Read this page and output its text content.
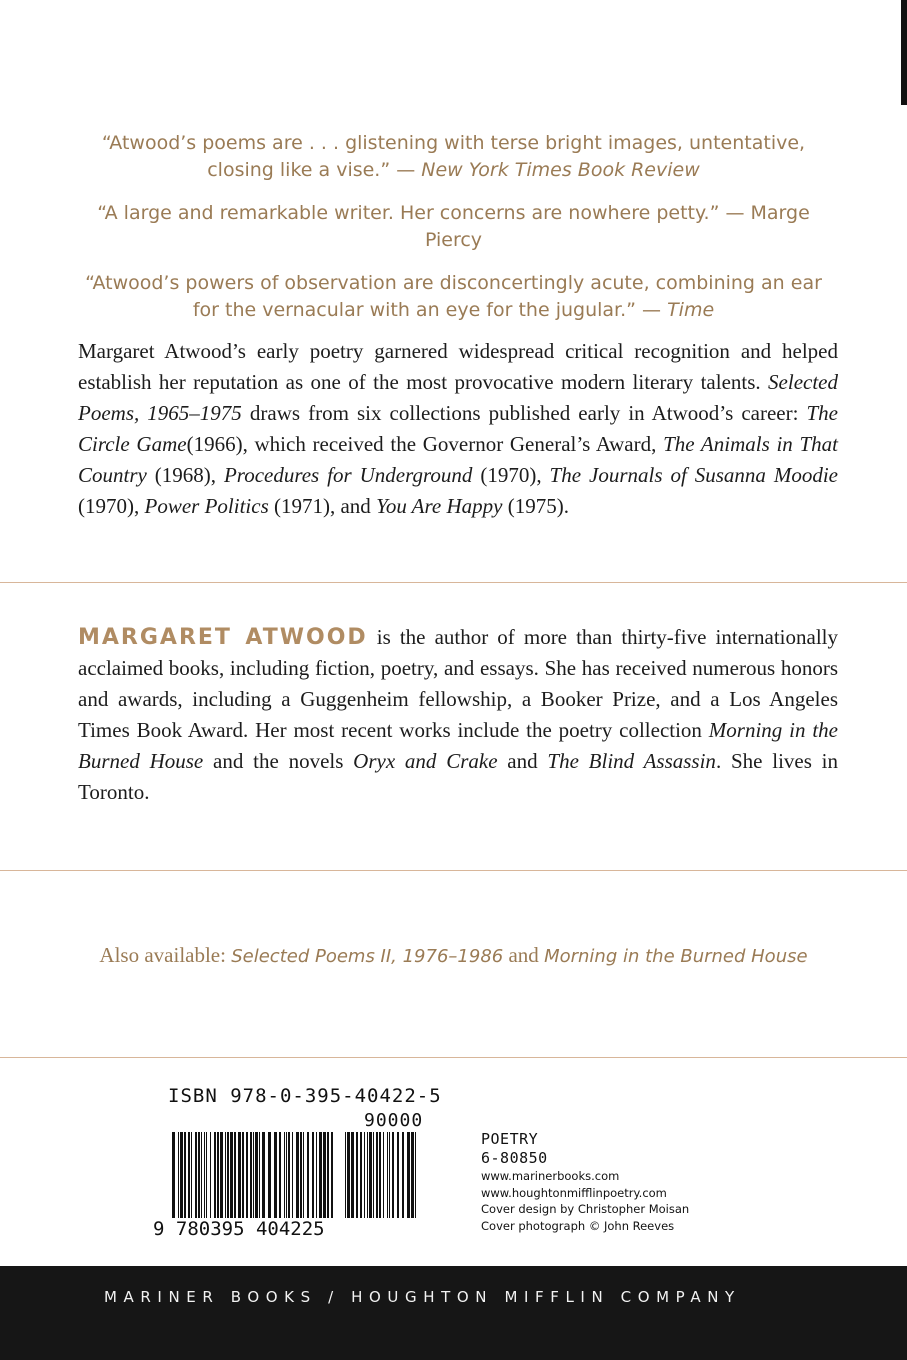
“Atwood’s poems are . . . glistening with terse bright images, untentative, closing like a vise.” — New York Times Book Review

“A large and remarkable writer. Her concerns are nowhere petty.” — Marge Piercy

“Atwood’s powers of observation are disconcertingly acute, combining an ear for the vernacular with an eye for the jugular.” — Time

Margaret Atwood’s early poetry garnered widespread critical recognition and helped establish her reputation as one of the most provocative modern literary talents. Selected Poems, 1965–1975 draws from six collections published early in Atwood’s career: The Circle Game(1966), which received the Governor General’s Award, The Animals in That Country (1968), Procedures for Underground (1970), The Journals of Susanna Moodie (1970), Power Politics (1971), and You Are Happy (1975).
MARGARET ATWOOD is the author of more than thirty-five internationally acclaimed books, including fiction, poetry, and essays. She has received numerous honors and awards, including a Guggenheim fellowship, a Booker Prize, and a Los Angeles Times Book Award. Her most recent works include the poetry collection Morning in the Burned House and the novels Oryx and Crake and The Blind Assassin. She lives in Toronto.
Also available: Selected Poems II, 1976–1986 and Morning in the Burned House
ISBN 978-0-395-40422-5
90000
9 780395 404225
POETRY
6-80850
www.marinerbooks.com
www.houghtonmifflinpoetry.com
Cover design by Christopher Moisan
Cover photograph © John Reeves
MARINER BOOKS / HOUGHTON MIFFLIN COMPANY
